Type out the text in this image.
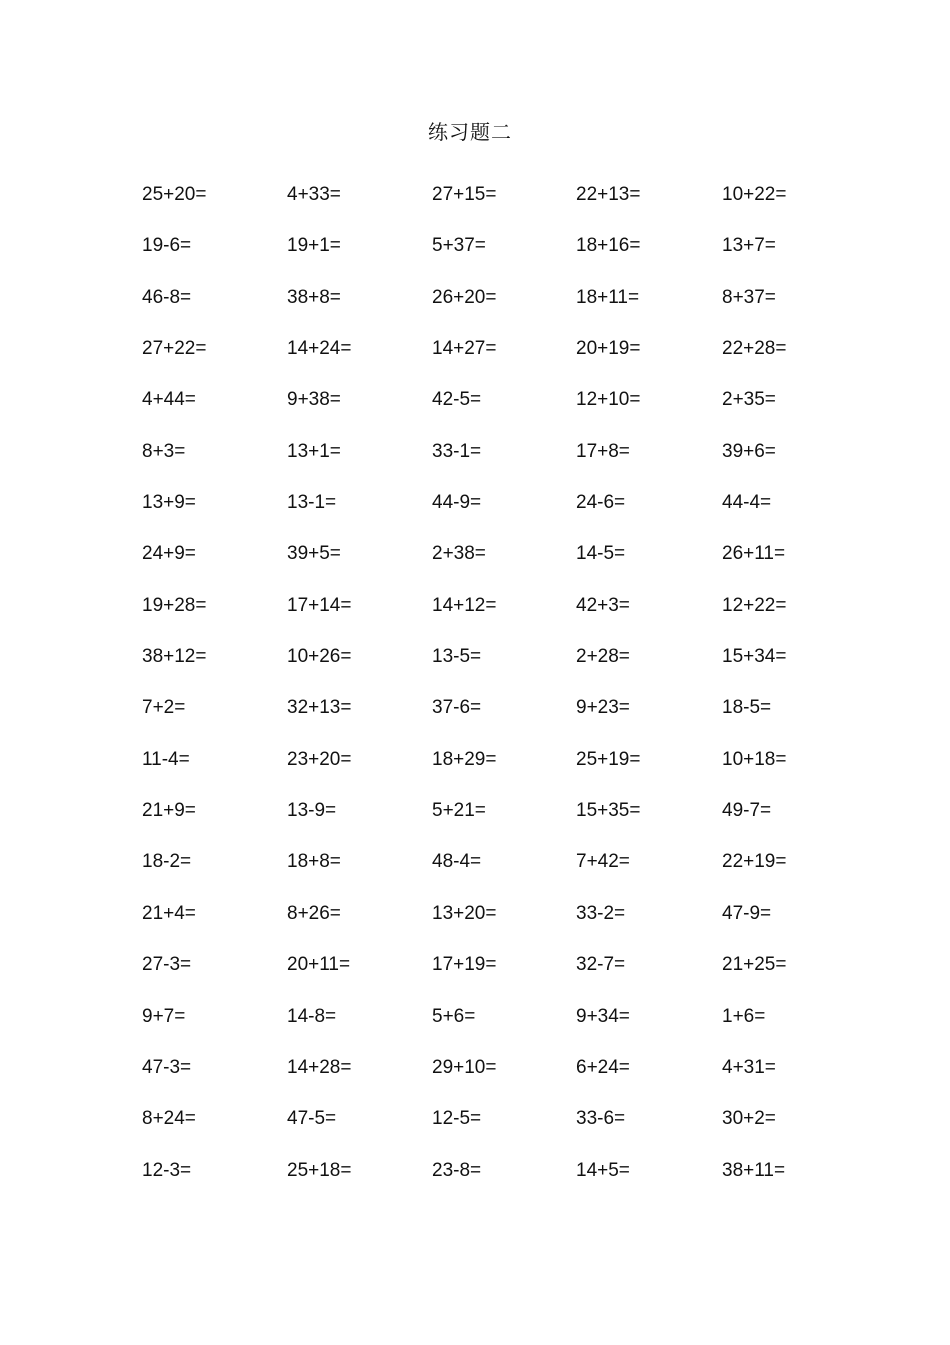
练习题二
25+20=	4+33=	27+15=	22+13=	10+22=
19-6=	19+1=	5+37=	18+16=	13+7=
46-8=	38+8=	26+20=	18+11=	8+37=
27+22=	14+24=	14+27=	20+19=	22+28=
4+44=	9+38=	42-5=	12+10=	2+35=
8+3=	13+1=	33-1=	17+8=	39+6=
13+9=	13-1=	44-9=	24-6=	44-4=
24+9=	39+5=	2+38=	14-5=	26+11=
19+28=	17+14=	14+12=	42+3=	12+22=
38+12=	10+26=	13-5=	2+28=	15+34=
7+2=	32+13=	37-6=	9+23=	18-5=
11-4=	23+20=	18+29=	25+19=	10+18=
21+9=	13-9=	5+21=	15+35=	49-7=
18-2=	18+8=	48-4=	7+42=	22+19=
21+4=	8+26=	13+20=	33-2=	47-9=
27-3=	20+11=	17+19=	32-7=	21+25=
9+7=	14-8=	5+6=	9+34=	1+6=
47-3=	14+28=	29+10=	6+24=	4+31=
8+24=	47-5=	12-5=	33-6=	30+2=
12-3=	25+18=	23-8=	14+5=	38+11=
